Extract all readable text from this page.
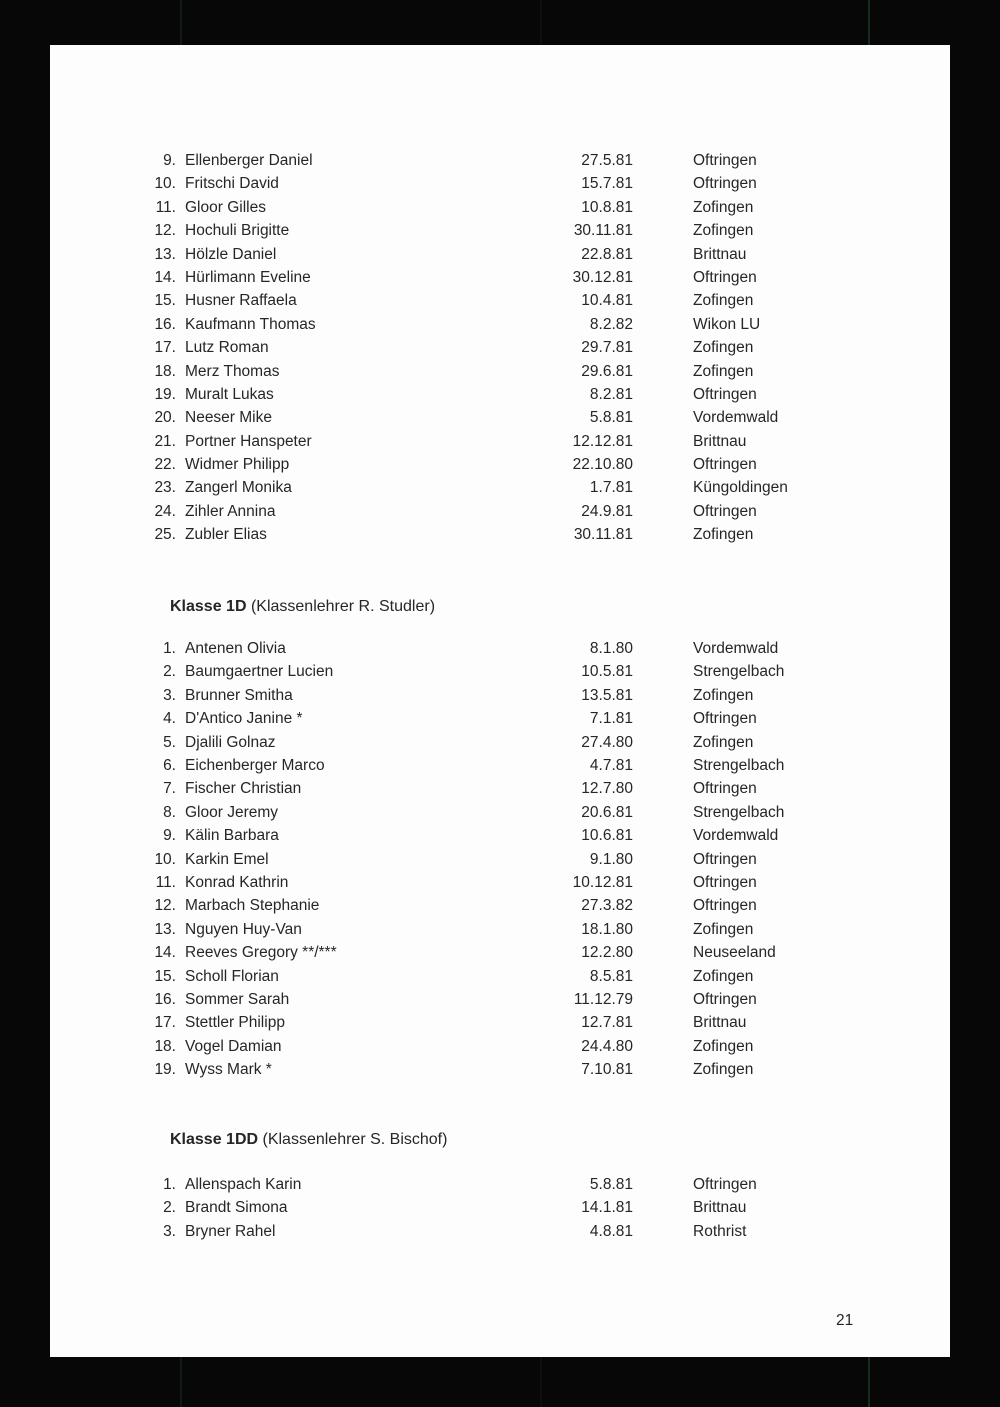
9. Ellenberger Daniel	27.5.81	Oftringen
10. Fritschi David	15.7.81	Oftringen
11. Gloor Gilles	10.8.81	Zofingen
12. Hochuli Brigitte	30.11.81	Zofingen
13. Hölzle Daniel	22.8.81	Brittnau
14. Hürlimann Eveline	30.12.81	Oftringen
15. Husner Raffaela	10.4.81	Zofingen
16. Kaufmann Thomas	8.2.82	Wikon LU
17. Lutz Roman	29.7.81	Zofingen
18. Merz Thomas	29.6.81	Zofingen
19. Muralt Lukas	8.2.81	Oftringen
20. Neeser Mike	5.8.81	Vordemwald
21. Portner Hanspeter	12.12.81	Brittnau
22. Widmer Philipp	22.10.80	Oftringen
23. Zangerl Monika	1.7.81	Küngoldingen
24. Zihler Annina	24.9.81	Oftringen
25. Zubler Elias	30.11.81	Zofingen
Klasse 1D (Klassenlehrer R. Studler)
1. Antenen Olivia	8.1.80	Vordemwald
2. Baumgaertner Lucien	10.5.81	Strengelbach
3. Brunner Smitha	13.5.81	Zofingen
4. D'Antico Janine *	7.1.81	Oftringen
5. Djalili Golnaz	27.4.80	Zofingen
6. Eichenberger Marco	4.7.81	Strengelbach
7. Fischer Christian	12.7.80	Oftringen
8. Gloor Jeremy	20.6.81	Strengelbach
9. Kälin Barbara	10.6.81	Vordemwald
10. Karkin Emel	9.1.80	Oftringen
11. Konrad Kathrin	10.12.81	Oftringen
12. Marbach Stephanie	27.3.82	Oftringen
13. Nguyen Huy-Van	18.1.80	Zofingen
14. Reeves Gregory **/***	12.2.80	Neuseeland
15. Scholl Florian	8.5.81	Zofingen
16. Sommer Sarah	11.12.79	Oftringen
17. Stettler Philipp	12.7.81	Brittnau
18. Vogel Damian	24.4.80	Zofingen
19. Wyss Mark *	7.10.81	Zofingen
Klasse 1DD (Klassenlehrer S. Bischof)
1. Allenspach Karin	5.8.81	Oftringen
2. Brandt Simona	14.1.81	Brittnau
3. Bryner Rahel	4.8.81	Rothrist
21
